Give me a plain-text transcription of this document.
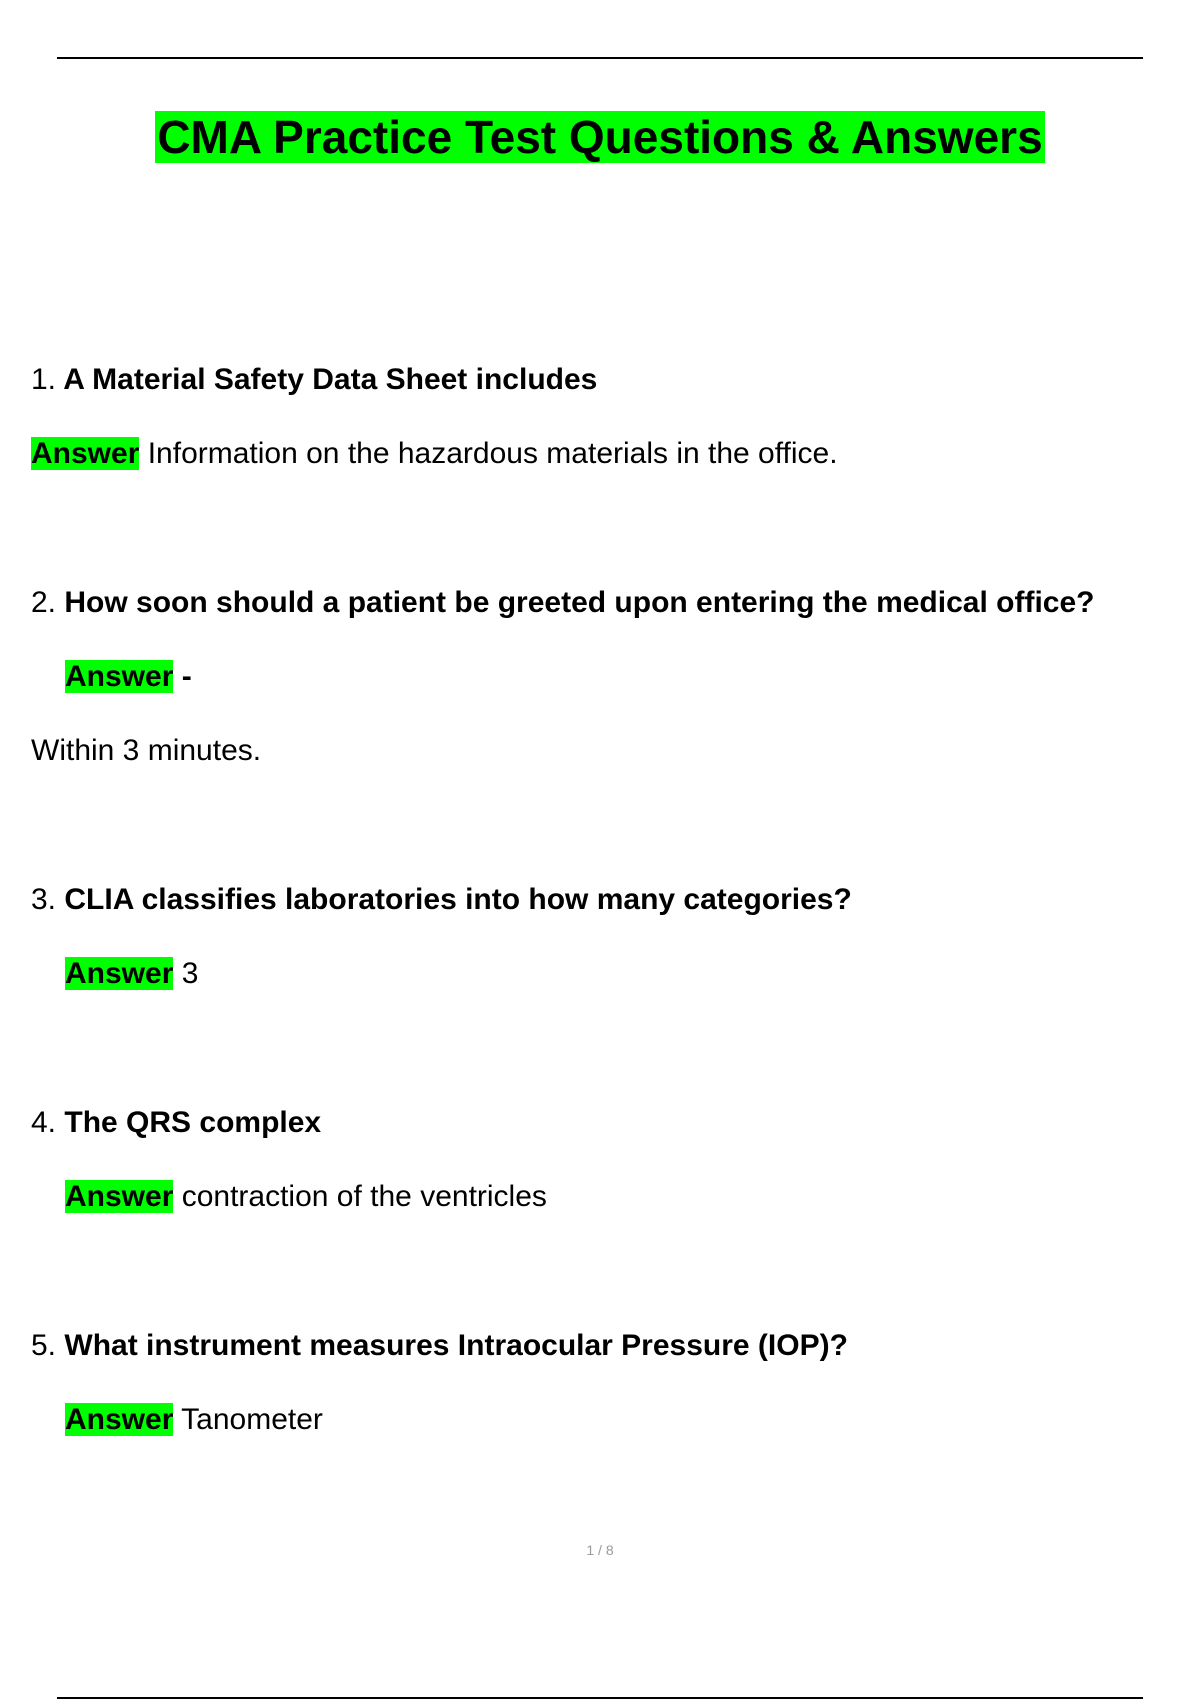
CMA Practice Test Questions & Answers
1. A Material Safety Data Sheet includes
Answer Information on the hazardous materials in the office.
2. How soon should a patient be greeted upon entering the medical office?
Answer -
Within 3 minutes.
3. CLIA classifies laboratories into how many categories?
Answer 3
4. The QRS complex
Answer contraction of the ventricles
5. What instrument measures Intraocular Pressure (IOP)?
Answer Tanometer
1 / 8
